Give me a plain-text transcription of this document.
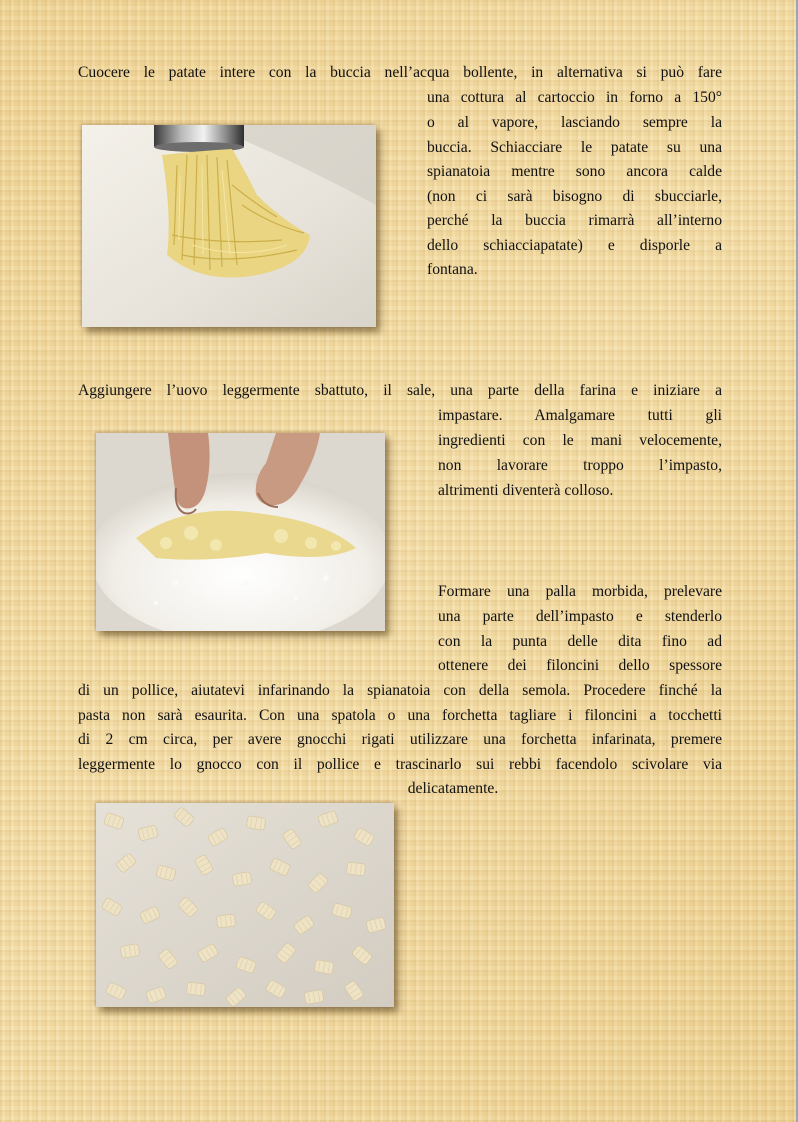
Cuocere le patate intere con la buccia nell’acqua bollente, in alternativa si può fare
una cottura al cartoccio in forno a 150°
o al vapore, lasciando sempre la
buccia. Schiacciare le patate su una
spianatoia mentre sono ancora calde
(non ci sarà bisogno di sbucciarle,
perché la buccia rimarrà all’interno
dello schiacciapatate) e disporle a
fontana.
Aggiungere l’uovo leggermente sbattuto, il sale, una parte della farina e iniziare a
impastare. Amalgamare tutti gli
ingredienti con le mani velocemente,
non lavorare troppo l’impasto,
altrimenti diventerà colloso.
Formare una palla morbida, prelevare
una parte dell’impasto e stenderlo
con la punta delle dita fino ad
ottenere dei filoncini dello spessore
di un pollice, aiutatevi infarinando la spianatoia con della semola. Procedere finché la
pasta non sarà esaurita. Con una spatola o una forchetta tagliare i filoncini a tocchetti
di 2 cm circa, per avere gnocchi rigati utilizzare una forchetta infarinata, premere
leggermente lo gnocco con il pollice e trascinarlo sui rebbi facendolo scivolare via
delicatamente.
